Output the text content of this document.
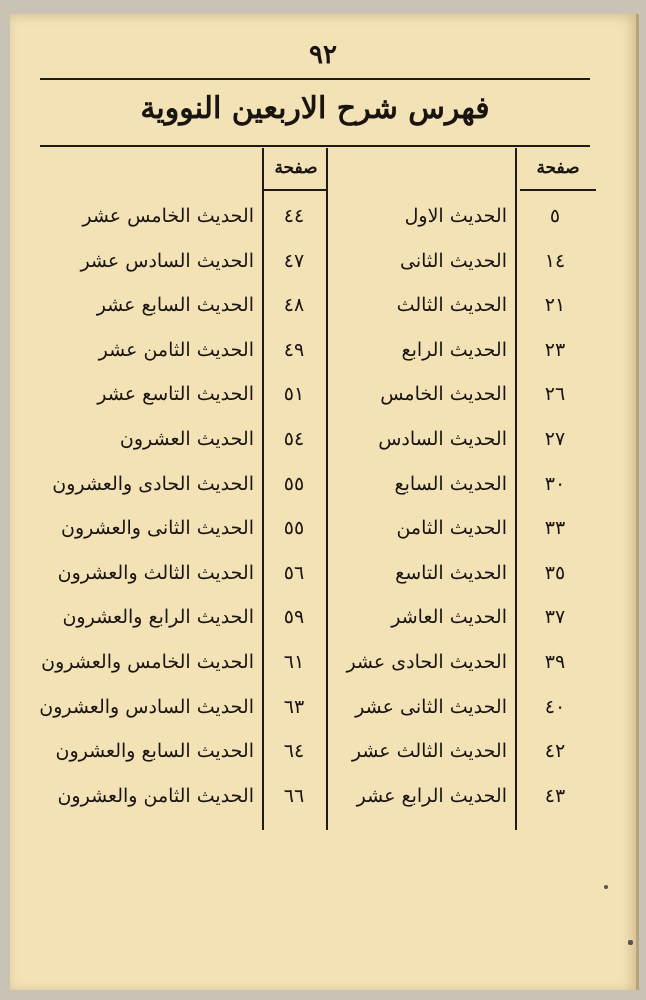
٩٢
فهرس شرح الاربعين النووية
صفحة
صفحة
٥
الحديث الاول
١٤
الحديث الثانى
٢١
الحديث الثالث
٢٣
الحديث الرابع
٢٦
الحديث الخامس
٢٧
الحديث السادس
٣٠
الحديث السابع
٣٣
الحديث الثامن
٣٥
الحديث التاسع
٣٧
الحديث العاشر
٣٩
الحديث الحادى عشر
٤٠
الحديث الثانى عشر
٤٢
الحديث الثالث عشر
٤٣
الحديث الرابع عشر
٤٤
الحديث الخامس عشر
٤٧
الحديث السادس عشر
٤٨
الحديث السابع عشر
٤٩
الحديث الثامن عشر
٥١
الحديث التاسع عشر
٥٤
الحديث العشرون
٥٥
الحديث الحادى والعشرون
٥٥
الحديث الثانى والعشرون
٥٦
الحديث الثالث والعشرون
٥٩
الحديث الرابع والعشرون
٦١
الحديث الخامس والعشرون
٦٣
الحديث السادس والعشرون
٦٤
الحديث السابع والعشرون
٦٦
الحديث الثامن والعشرون
